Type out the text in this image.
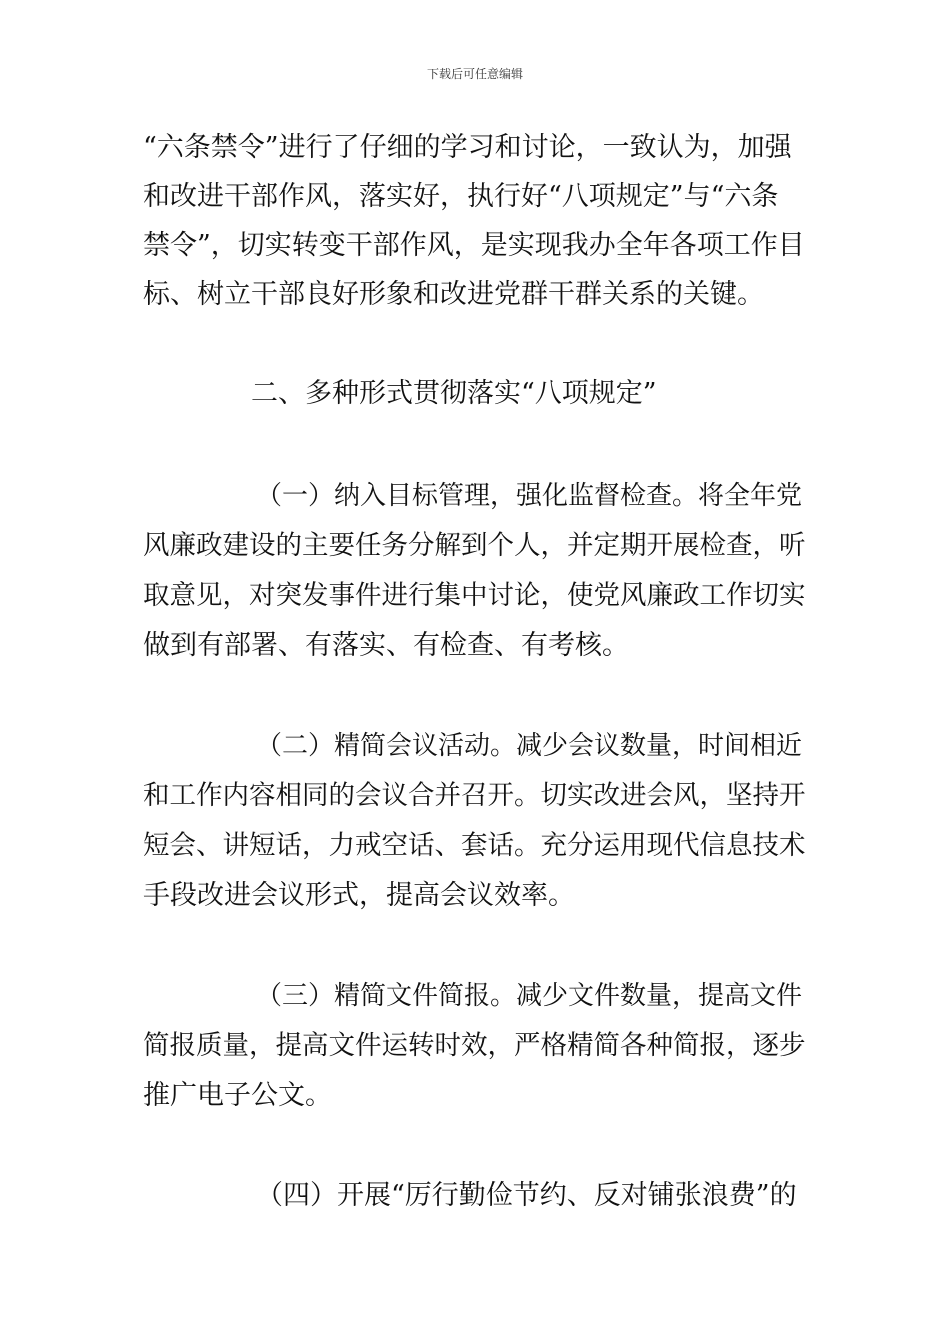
下载后可任意编辑
“六条禁令”进行了仔细的学习和讨论，一致认为，加强
和改进干部作风，落实好，执行好“八项规定”与“六条
禁令”，切实转变干部作风，是实现我办全年各项工作目
标、树立干部良好形象和改进党群干群关系的关键。
二、多种形式贯彻落实“八项规定”
（一）纳入目标管理，强化监督检查。将全年党
风廉政建设的主要任务分解到个人，并定期开展检查，听
取意见，对突发事件进行集中讨论，使党风廉政工作切实
做到有部署、有落实、有检查、有考核。
（二）精简会议活动。减少会议数量，时间相近
和工作内容相同的会议合并召开。切实改进会风，坚持开
短会、讲短话，力戒空话、套话。充分运用现代信息技术
手段改进会议形式，提高会议效率。
（三）精简文件简报。减少文件数量，提高文件
简报质量，提高文件运转时效，严格精简各种简报，逐步
推广电子公文。
（四）开展“厉行勤俭节约、反对铺张浪费”的
